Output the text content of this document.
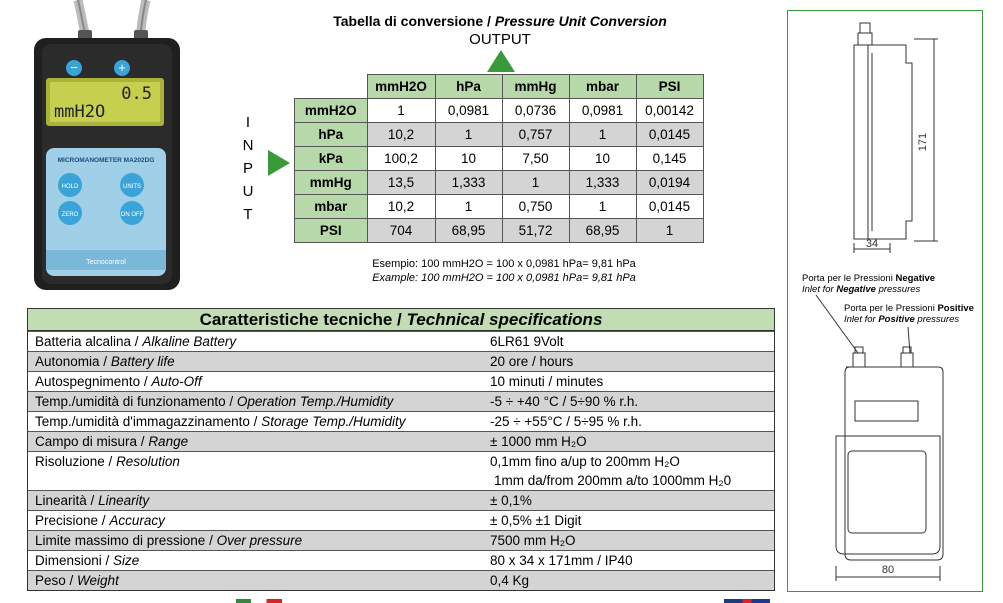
−	+
0.5
mmH2O
MICROMANOMETER MA202DG
HOLD	UNITS
ZERO	ON OFF
Tecnocontrol
Tabella di conversione / Pressure Unit Conversion
OUTPUT
I
N
P
U
T
	mmH2O	hPa	mmHg	mbar	PSI
mmH2O	1	0,0981	0,0736	0,0981	0,00142
hPa	10,2	1	0,757	1	0,0145
kPa	100,2	10	7,50	10	0,145
mmHg	13,5	1,333	1	1,333	0,0194
mbar	10,2	1	0,750	1	0,0145
PSI	704	68,95	51,72	68,95	1
Esempio: 100 mmH2O = 100 x 0,0981 hPa= 9,81 hPa
Example: 100 mmH2O = 100 x 0,0981 hPa= 9,81 hPa
Caratteristiche tecniche / Technical specifications
Batteria alcalina / Alkaline Battery	6LR61 9Volt
Autonomia / Battery life	20 ore / hours
Autospegnimento / Auto-Off	10 minuti / minutes
Temp./umidità di funzionamento / Operation Temp./Humidity	-5 ÷ +40 °C / 5÷90 % r.h.
Temp./umidità d'immagazzinamento / Storage Temp./Humidity	-25 ÷ +55°C / 5÷95 % r.h.
Campo di misura / Range	± 1000 mm H₂O
Risoluzione / Resolution	0,1mm fino a/up to 200mm H₂O
1mm da/from 200mm a/to 1000mm H₂0
Linearità / Linearity	± 0,1%
Precisione / Accuracy	± 0,5% ±1 Digit
Limite massimo di pressione / Over pressure	7500 mm H₂O
Dimensioni / Size	80 x 34 x 171mm / IP40
Peso / Weight	0,4 Kg
171
34
80
Porta per le Pressioni Negative
Inlet for Negative pressures
Porta per le Pressioni Positive
Inlet for Positive pressures
